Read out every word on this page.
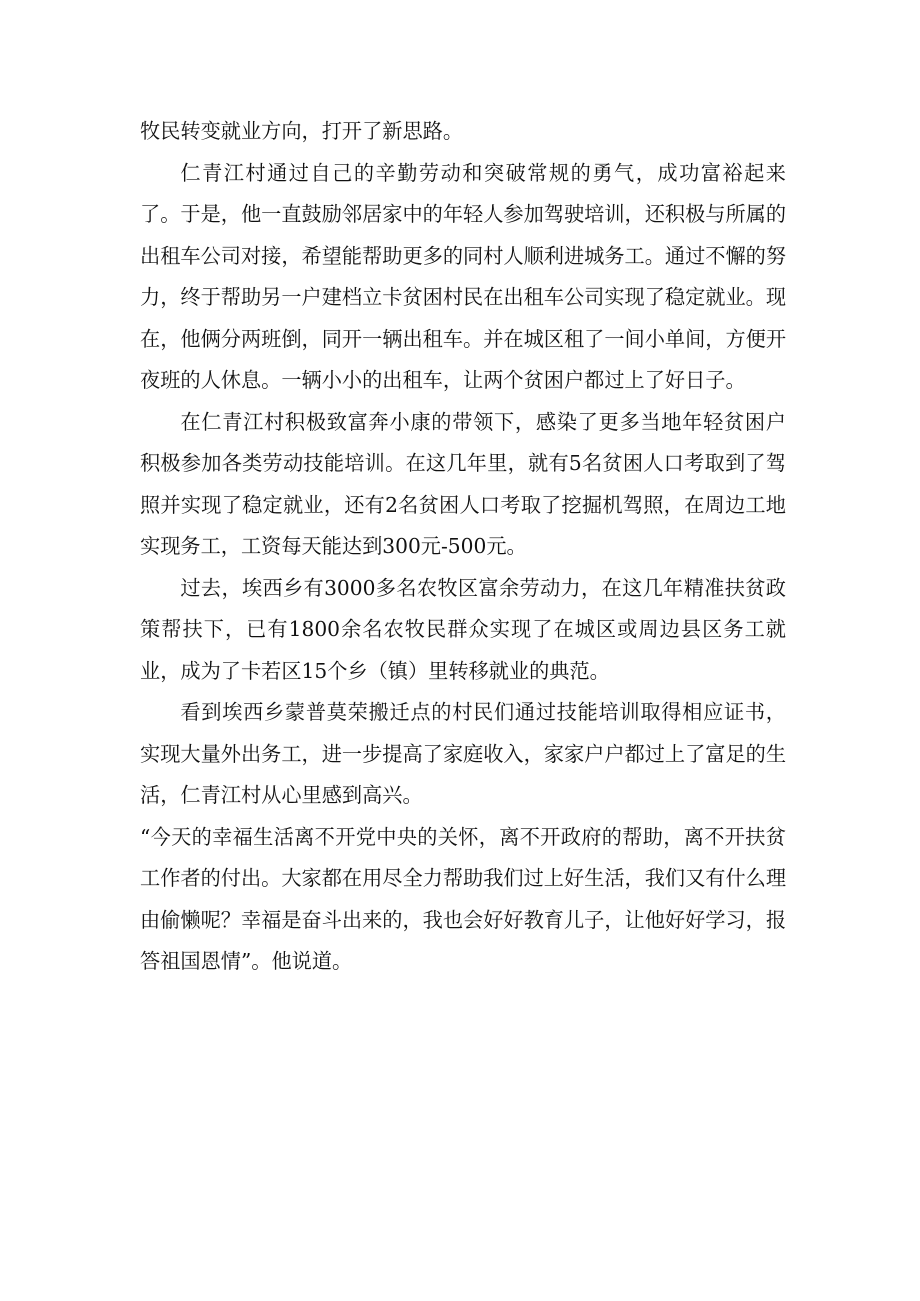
牧民转变就业方向，打开了新思路。

仁青江村通过自己的辛勤劳动和突破常规的勇气，成功富裕起来了。于是，他一直鼓励邻居家中的年轻人参加驾驶培训，还积极与所属的出租车公司对接，希望能帮助更多的同村人顺利进城务工。通过不懈的努力，终于帮助另一户建档立卡贫困村民在出租车公司实现了稳定就业。现在，他俩分两班倒，同开一辆出租车。并在城区租了一间小单间，方便开夜班的人休息。一辆小小的出租车，让两个贫困户都过上了好日子。

在仁青江村积极致富奔小康的带领下，感染了更多当地年轻贫困户积极参加各类劳动技能培训。在这几年里，就有5名贫困人口考取到了驾照并实现了稳定就业，还有2名贫困人口考取了挖掘机驾照，在周边工地实现务工，工资每天能达到300元-500元。

过去，埃西乡有3000多名农牧区富余劳动力，在这几年精准扶贫政策帮扶下，已有1800余名农牧民群众实现了在城区或周边县区务工就业，成为了卡若区15个乡（镇）里转移就业的典范。

看到埃西乡蒙普莫荣搬迁点的村民们通过技能培训取得相应证书，实现大量外出务工，进一步提高了家庭收入，家家户户都过上了富足的生活，仁青江村从心里感到高兴。

“今天的幸福生活离不开党中央的关怀，离不开政府的帮助，离不开扶贫工作者的付出。大家都在用尽全力帮助我们过上好生活，我们又有什么理由偷懒呢？幸福是奋斗出来的，我也会好好教育儿子，让他好好学习，报答祖国恩情”。他说道。
